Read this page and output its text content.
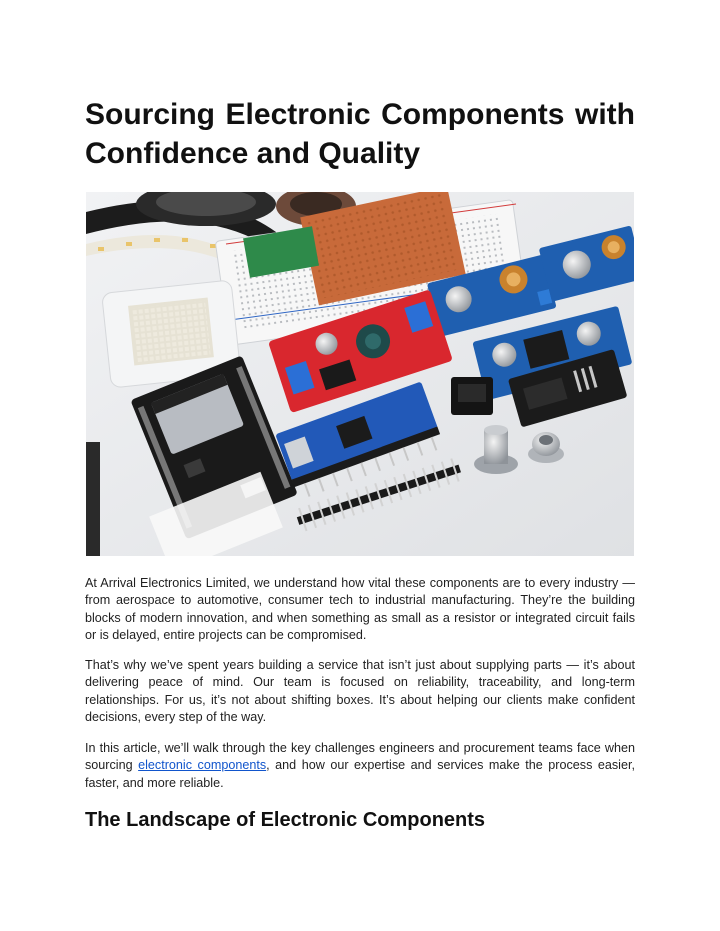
Sourcing Electronic Components with Confidence and Quality

At Arrival Electronics Limited, we understand how vital these components are to every industry — from aerospace to automotive, consumer tech to industrial manufacturing. They’re the building blocks of modern innovation, and when something as small as a resistor or integrated circuit fails or is delayed, entire projects can be compromised.

That’s why we’ve spent years building a service that isn’t just about supplying parts — it’s about delivering peace of mind. Our team is focused on reliability, traceability, and long-term relationships. For us, it’s not about shifting boxes. It’s about helping our clients make confident decisions, every step of the way.

In this article, we’ll walk through the key challenges engineers and procurement teams face when sourcing electronic components, and how our expertise and services make the process easier, faster, and more reliable.

The Landscape of Electronic Components
